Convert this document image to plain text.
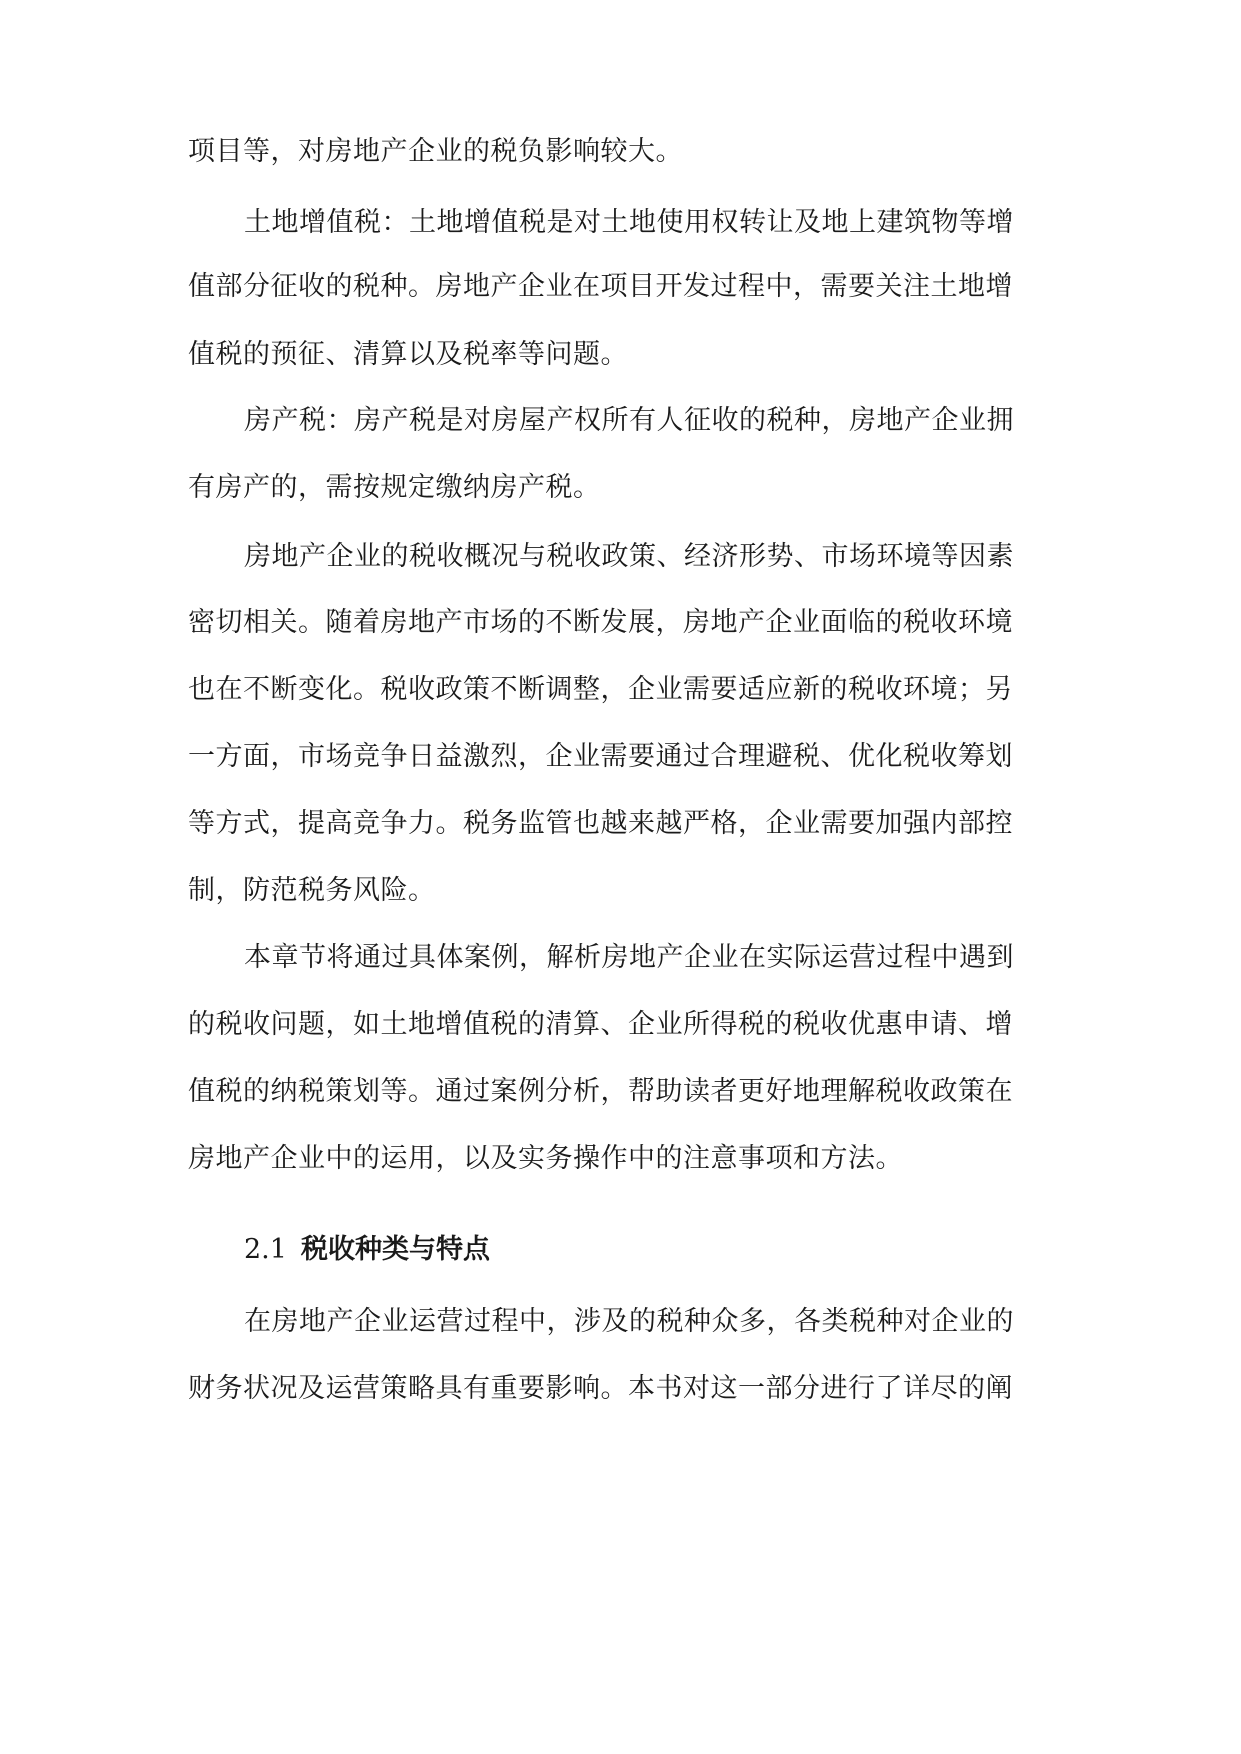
项目等，对房地产企业的税负影响较大。
土地增值税：土地增值税是对土地使用权转让及地上建筑物等增
值部分征收的税种。房地产企业在项目开发过程中，需要关注土地增
值税的预征、清算以及税率等问题。
房产税：房产税是对房屋产权所有人征收的税种，房地产企业拥
有房产的，需按规定缴纳房产税。
房地产企业的税收概况与税收政策、经济形势、市场环境等因素
密切相关。随着房地产市场的不断发展，房地产企业面临的税收环境
也在不断变化。税收政策不断调整，企业需要适应新的税收环境；另
一方面，市场竞争日益激烈，企业需要通过合理避税、优化税收筹划
等方式，提高竞争力。税务监管也越来越严格，企业需要加强内部控
制，防范税务风险。
本章节将通过具体案例，解析房地产企业在实际运营过程中遇到
的税收问题，如土地增值税的清算、企业所得税的税收优惠申请、增
值税的纳税策划等。通过案例分析，帮助读者更好地理解税收政策在
房地产企业中的运用，以及实务操作中的注意事项和方法。
2.1 税收种类与特点
在房地产企业运营过程中，涉及的税种众多，各类税种对企业的
财务状况及运营策略具有重要影响。本书对这一部分进行了详尽的阐
